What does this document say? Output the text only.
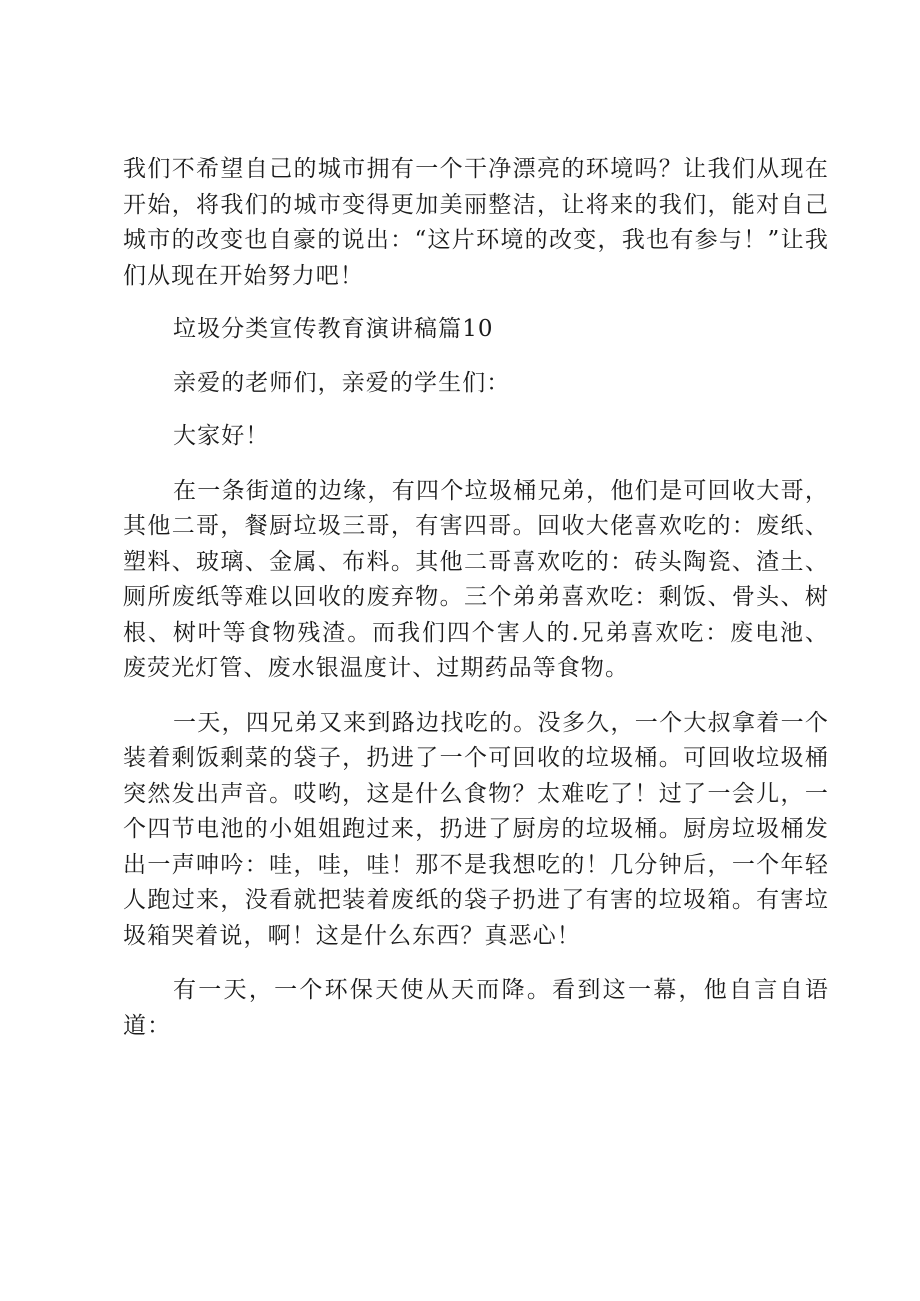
我们不希望自己的城市拥有一个干净漂亮的环境吗？让我们从现在开始，将我们的城市变得更加美丽整洁，让将来的我们，能对自己城市的改变也自豪的说出：“这片环境的改变，我也有参与！”让我们从现在开始努力吧！

垃圾分类宣传教育演讲稿篇10

亲爱的老师们，亲爱的学生们：

大家好！

在一条街道的边缘，有四个垃圾桶兄弟，他们是可回收大哥，其他二哥，餐厨垃圾三哥，有害四哥。回收大佬喜欢吃的：废纸、塑料、玻璃、金属、布料。其他二哥喜欢吃的：砖头陶瓷、渣土、厕所废纸等难以回收的废弃物。三个弟弟喜欢吃：剩饭、骨头、树根、树叶等食物残渣。而我们四个害人的.兄弟喜欢吃：废电池、废荧光灯管、废水银温度计、过期药品等食物。

一天，四兄弟又来到路边找吃的。没多久，一个大叔拿着一个装着剩饭剩菜的袋子，扔进了一个可回收的垃圾桶。可回收垃圾桶突然发出声音。哎哟，这是什么食物？太难吃了！过了一会儿，一个四节电池的小姐姐跑过来，扔进了厨房的垃圾桶。厨房垃圾桶发出一声呻吟：哇，哇，哇！那不是我想吃的！几分钟后，一个年轻人跑过来，没看就把装着废纸的袋子扔进了有害的垃圾箱。有害垃圾箱哭着说，啊！这是什么东西？真恶心！

有一天，一个环保天使从天而降。看到这一幕，他自言自语道：
